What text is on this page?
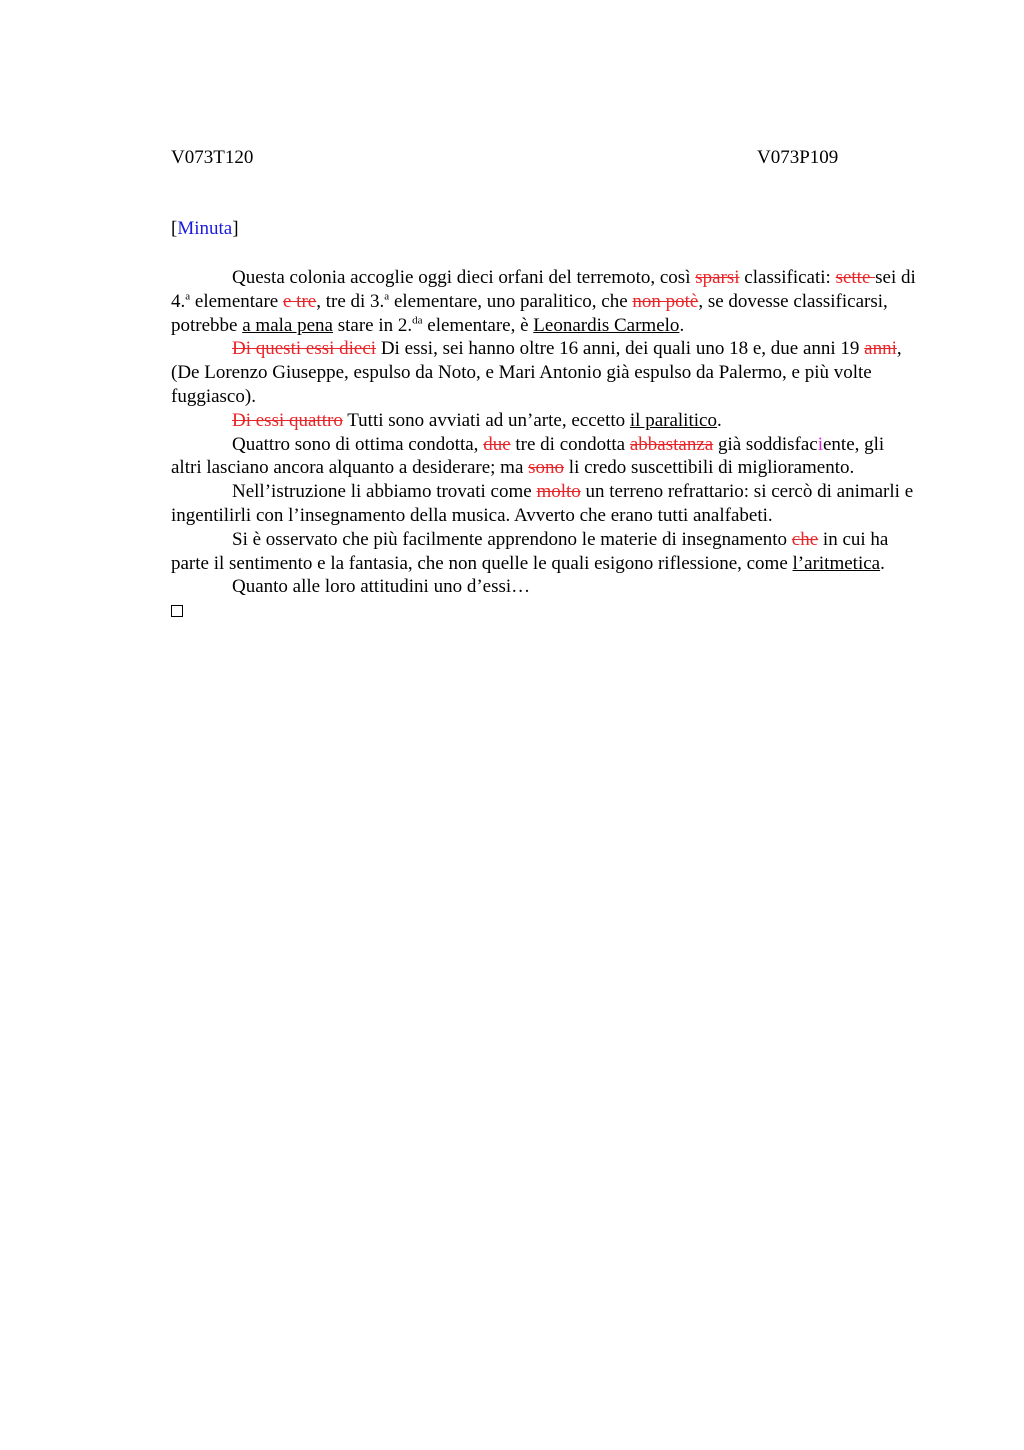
V073T120	V073P109
[Minuta]

Questa colonia accoglie oggi dieci orfani del terremoto, così sparsi classificati: sette sei di 4.$^a$ elementare e tre, tre di 3.$^a$ elementare, uno paralitico, che non potè, se dovesse classificarsi, potrebbe a mala pena stare in 2.$^{da}$ elementare, è Leonardis Carmelo.

Di questi essi dieci Di essi, sei hanno oltre 16 anni, dei quali uno 18 e, due anni 19 anni, (De Lorenzo Giuseppe, espulso da Noto, e Mari Antonio già espulso da Palermo, e più volte fuggiasco).

Di essi quattro Tutti sono avviati ad un’arte, eccetto il paralitico.

Quattro sono di ottima condotta, due tre di condotta abbastanza già soddisfaciente, gli altri lasciano ancora alquanto a desiderare; ma sono li credo suscettibili di miglioramento.

Nell’istruzione li abbiamo trovati come molto un terreno refrattario: si cercò di animarli e ingentilirli con l’insegnamento della musica. Avverto che erano tutti analfabeti.

Si è osservato che più facilmente apprendono le materie di insegnamento che in cui ha parte il sentimento e la fantasia, che non quelle le quali esigono riflessione, come l’aritmetica.

Quanto alle loro attitudini uno d’essi…
